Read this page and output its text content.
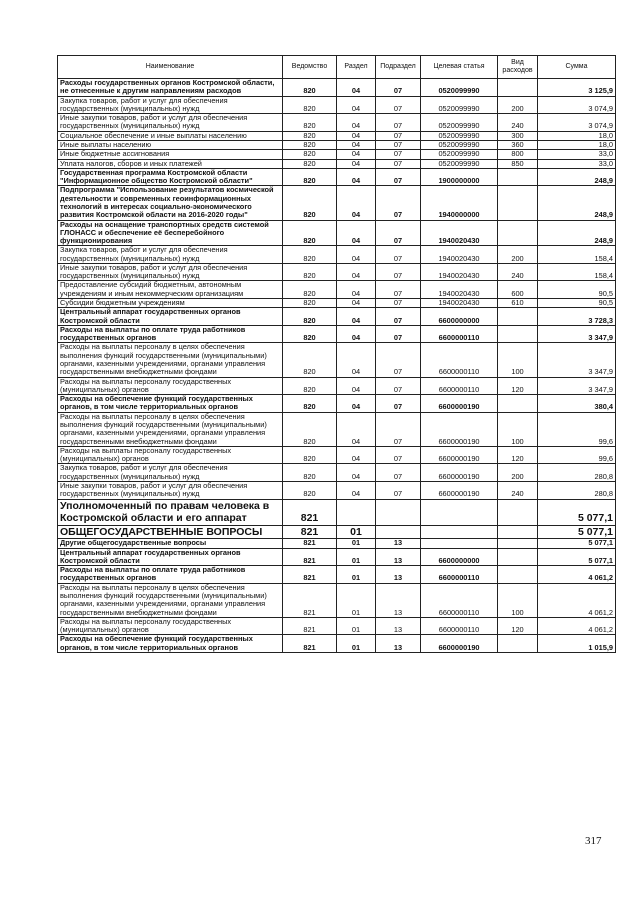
Наименование	Ведомство	Раздел	Подраздел	Целевая статья	Вид расходов	Сумма
Расходы государственных органов Костромской области, не отнесенные к другим направлениям расходов	820	04	07	0520099990		3 125,9
Закупка товаров, работ и услуг для обеспечения государственных (муниципальных) нужд	820	04	07	0520099990	200	3 074,9
Иные закупки товаров, работ и услуг для обеспечения государственных (муниципальных) нужд	820	04	07	0520099990	240	3 074,9
Социальное обеспечение и иные выплаты населению	820	04	07	0520099990	300	18,0
Иные выплаты населению	820	04	07	0520099990	360	18,0
Иные бюджетные ассигнования	820	04	07	0520099990	800	33,0
Уплата налогов, сборов и иных платежей	820	04	07	0520099990	850	33,0
Государственная программа Костромской области "Информационное общество Костромской области"	820	04	07	1900000000		248,9
Подпрограмма "Использование результатов космической деятельности и современных геоинформационных технологий в интересах социально-экономического развития Костромской области на 2016-2020 годы"	820	04	07	1940000000		248,9
Расходы на оснащение транспортных средств системой ГЛОНАСС и обеспечение её бесперебойного функционирования	820	04	07	1940020430		248,9
Закупка товаров, работ и услуг для обеспечения государственных (муниципальных) нужд	820	04	07	1940020430	200	158,4
Иные закупки товаров, работ и услуг для обеспечения государственных (муниципальных) нужд	820	04	07	1940020430	240	158,4
Предоставление субсидий бюджетным, автономным учреждениям и иным некоммерческим организациям	820	04	07	1940020430	600	90,5
Субсидии бюджетным учреждениям	820	04	07	1940020430	610	90,5
Центральный аппарат государственных органов Костромской области	820	04	07	6600000000		3 728,3
Расходы на выплаты по оплате труда работников государственных органов	820	04	07	6600000110		3 347,9
Расходы на выплаты персоналу в целях обеспечения выполнения функций государственными (муниципальными) органами, казенными учреждениями, органами управления государственными внебюджетными фондами	820	04	07	6600000110	100	3 347,9
Расходы на выплаты персоналу государственных (муниципальных) органов	820	04	07	6600000110	120	3 347,9
Расходы на обеспечение функций государственных органов, в том числе территориальных органов	820	04	07	6600000190		380,4
Расходы на выплаты персоналу в целях обеспечения выполнения функций государственными (муниципальными) органами, казенными учреждениями, органами управления государственными внебюджетными фондами	820	04	07	6600000190	100	99,6
Расходы на выплаты персоналу государственных (муниципальных) органов	820	04	07	6600000190	120	99,6
Закупка товаров, работ и услуг для обеспечения государственных (муниципальных) нужд	820	04	07	6600000190	200	280,8
Иные закупки товаров, работ и услуг для обеспечения государственных (муниципальных) нужд	820	04	07	6600000190	240	280,8
Уполномоченный по правам человека в Костромской области и его аппарат	821					5 077,1
ОБЩЕГОСУДАРСТВЕННЫЕ ВОПРОСЫ	821	01				5 077,1
Другие общегосударственные вопросы	821	01	13			5 077,1
Центральный аппарат государственных органов Костромской области	821	01	13	6600000000		5 077,1
Расходы на выплаты по оплате труда работников государственных органов	821	01	13	6600000110		4 061,2
Расходы на выплаты персоналу в целях обеспечения выполнения функций государственными (муниципальными) органами, казенными учреждениями, органами управления государственными внебюджетными фондами	821	01	13	6600000110	100	4 061,2
Расходы на выплаты персоналу государственных (муниципальных) органов	821	01	13	6600000110	120	4 061,2
Расходы на обеспечение функций государственных органов, в том числе территориальных органов	821	01	13	6600000190		1 015,9
317
